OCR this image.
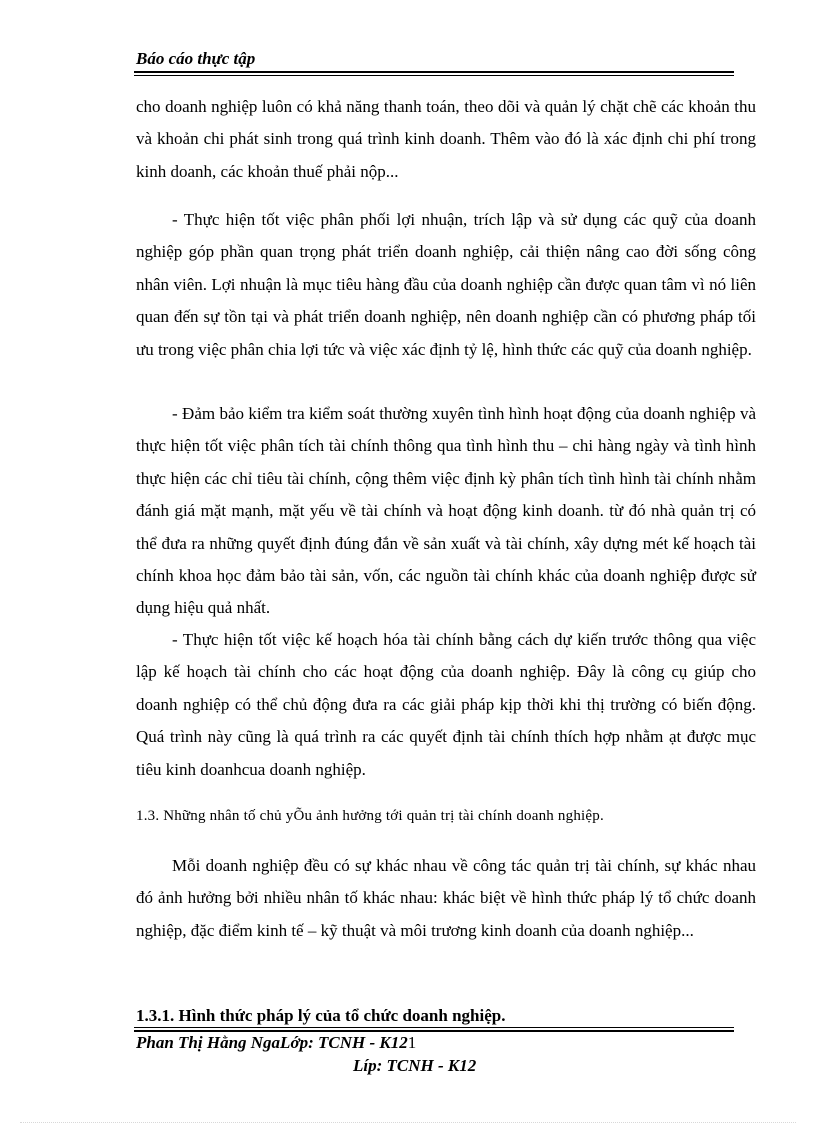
Báo cáo thực tập

cho doanh nghiệp luôn có khả năng thanh toán, theo dõi và quản lý chặt chẽ các khoản thu và khoản chi phát sinh trong quá trình kinh doanh. Thêm vào đó là xác định chi phí trong kinh doanh, các khoản thuế phải nộp...

- Thực hiện tốt việc phân phối lợi nhuận, trích lập và sử dụng các quỹ của doanh nghiệp góp phần quan trọng phát triển doanh nghiệp, cải thiện nâng cao đời sống công nhân viên. Lợi nhuận là mục tiêu hàng đầu của doanh nghiệp cần được quan tâm vì nó liên quan đến sự tồn tại và phát triển doanh nghiệp, nên doanh nghiệp cần có phương pháp tối ưu trong việc phân chia lợi tức và việc xác định tỷ lệ, hình thức các quỹ của doanh nghiệp.

- Đảm bảo kiểm tra kiểm soát thường xuyên tình hình hoạt động của doanh nghiệp và thực hiện tốt việc phân tích tài chính thông qua tình hình thu – chi hàng ngày và tình hình thực hiện các chỉ tiêu tài chính, cộng thêm việc định kỳ phân tích tình hình tài chính nhằm đánh giá mặt mạnh, mặt yếu về tài chính và hoạt động kinh doanh. từ đó nhà quản trị có thể đưa ra những quyết định đúng đắn về sản xuất và tài chính, xây dựng mét kế hoạch tài chính khoa học đảm bảo tài sản, vốn, các nguồn tài chính khác của doanh nghiệp được sử dụng hiệu quả nhất.

- Thực hiện tốt việc kế hoạch hóa tài chính bằng cách dự kiến trước thông qua việc lập kế hoạch tài chính cho các hoạt động của doanh nghiệp. Đây là công cụ giúp cho doanh nghiệp có thể chủ động đưa ra các giải pháp kịp thời khi thị trường có biến động. Quá trình này cũng là quá trình ra các quyết định tài chính thích hợp nhằm ạt được mục tiêu kinh doanhcua doanh nghiệp.

1.3. Những nhân tố chủ yÕu ảnh hưởng tới quản trị tài chính doanh nghiệp.

Mỗi doanh nghiệp đều có sự khác nhau về công tác quản trị tài chính, sự khác nhau đó ảnh hưởng bởi nhiều nhân tố khác nhau: khác biệt về hình thức pháp lý tổ chức doanh nghiệp, đặc điểm kinh tế – kỹ thuật và môi trương kinh doanh của doanh nghiệp...

1.3.1. Hình thức pháp lý của tổ chức doanh nghiệp.

Phan Thị Hằng NgaLớp: TCNH - K121
Líp: TCNH - K12
